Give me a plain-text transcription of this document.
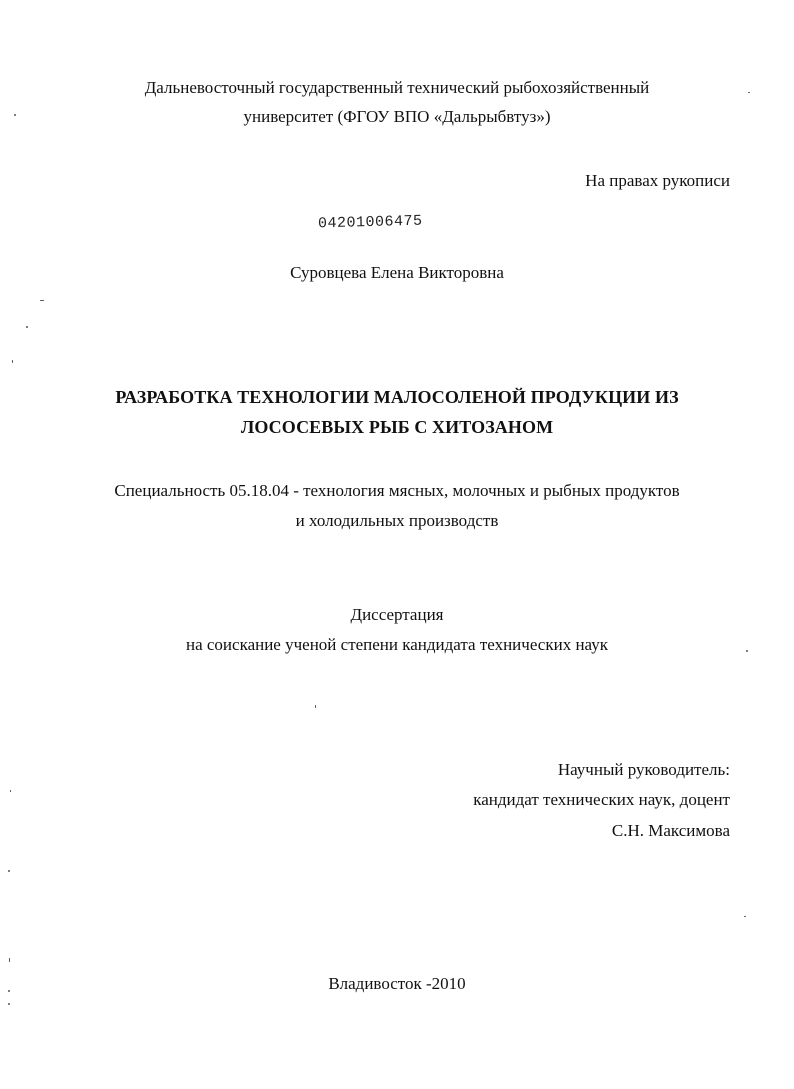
Дальневосточный государственный технический рыбохозяйственный
университет (ФГОУ ВПО «Дальрыбвтуз»)
На правах рукописи
04201006475
Суровцева Елена Викторовна
РАЗРАБОТКА ТЕХНОЛОГИИ МАЛОСОЛЕНОЙ ПРОДУКЦИИ ИЗ
ЛОСОСЕВЫХ РЫБ С ХИТОЗАНОМ
Специальность 05.18.04 - технология мясных, молочных и рыбных продуктов
и холодильных производств
Диссертация
на соискание ученой степени кандидата технических наук
Научный руководитель:
кандидат технических наук, доцент
С.Н. Максимова
Владивосток -2010
